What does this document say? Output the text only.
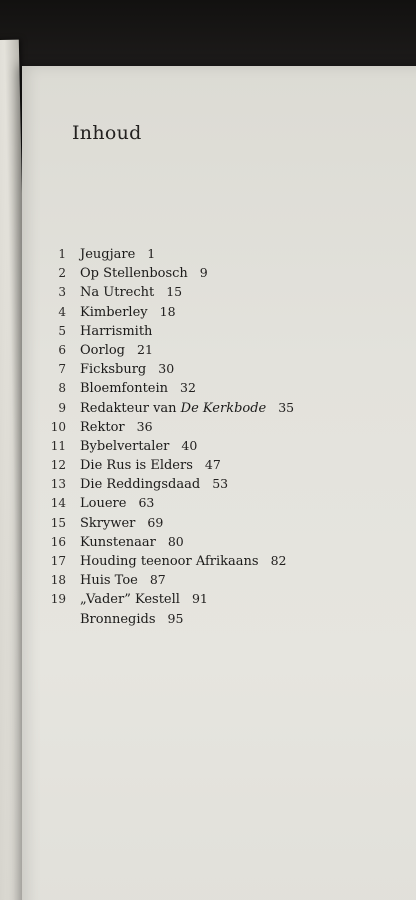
Inhoud
1 Jeugjare 1
2 Op Stellenbosch 9
3 Na Utrecht 15
4 Kimberley 18
5 Harrismith
6 Oorlog 21
7 Ficksburg 30
8 Bloemfontein 32
9 Redakteur van De Kerkbode 35
10 Rektor 36
11 Bybelvertaler 40
12 Die Rus is Elders 47
13 Die Reddingsdaad 53
14 Louere 63
15 Skrywer 69
16 Kunstenaar 80
17 Houding teenoor Afrikaans 82
18 Huis Toe 87
19 „Vader” Kestell 91
Bronnegids 95
